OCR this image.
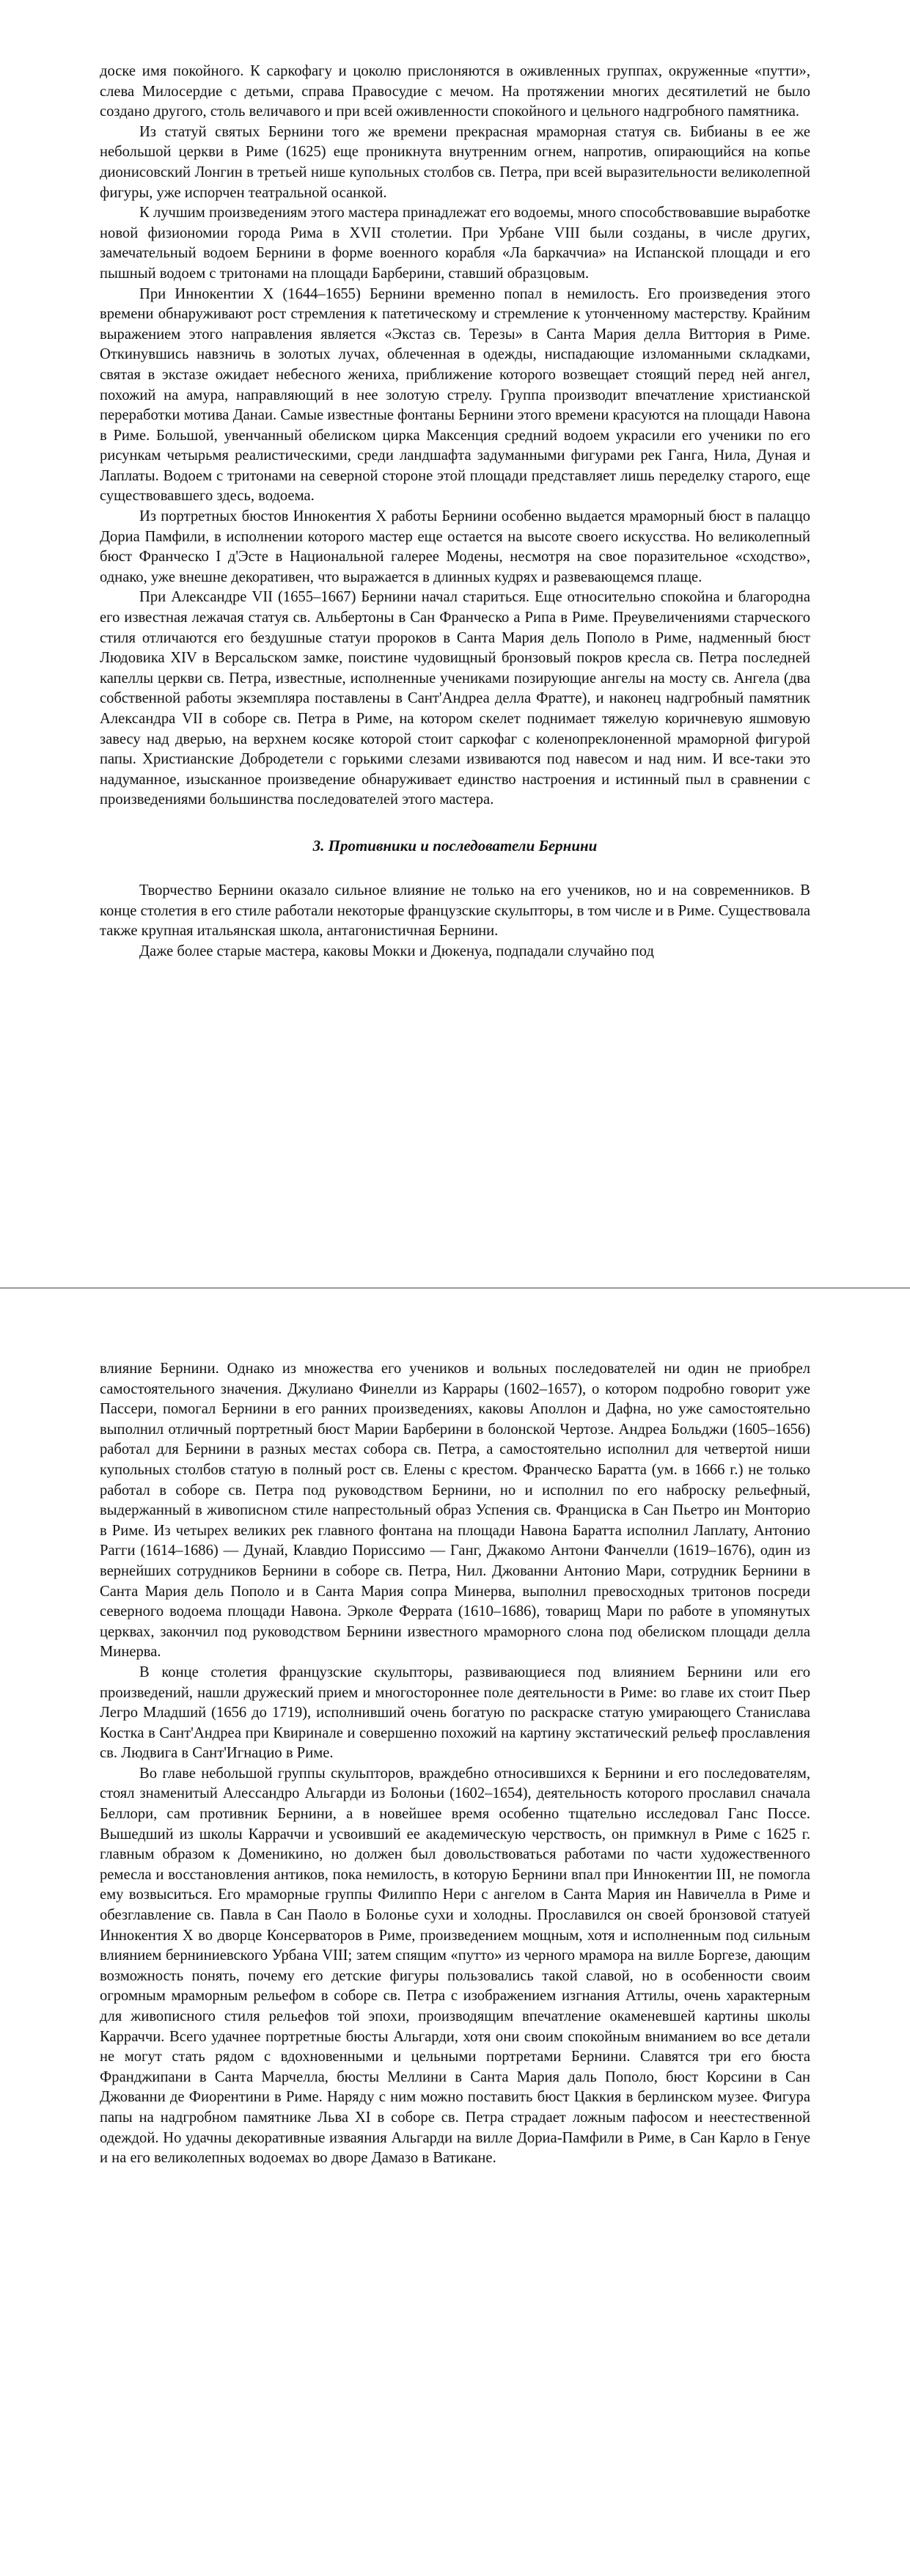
доске имя покойного. К саркофагу и цоколю прислоняются в оживленных группах, окруженные «путти», слева Милосердие с детьми, справа Правосудие с мечом. На протяжении многих десятилетий не было создано другого, столь величавого и при всей оживленности спокойного и цельного надгробного памятника.

Из статуй святых Бернини того же времени прекрасная мраморная статуя св. Бибианы в ее же небольшой церкви в Риме (1625) еще проникнута внутренним огнем, напротив, опирающийся на копье дионисовский Лонгин в третьей нише купольных столбов св. Петра, при всей выразительности великолепной фигуры, уже испорчен театральной осанкой.

К лучшим произведениям этого мастера принадлежат его водоемы, много способствовавшие выработке новой физиономии города Рима в XVII столетии. При Урбане VIII были созданы, в числе других, замечательный водоем Бернини в форме военного корабля «Ла баркаччиа» на Испанской площади и его пышный водоем с тритонами на площади Барберини, ставший образцовым.

При Иннокентии X (1644–1655) Бернини временно попал в немилость. Его произведения этого времени обнаруживают рост стремления к патетическому и стремление к утонченному мастерству. Крайним выражением этого направления является «Экстаз св. Терезы» в Санта Мария делла Виттория в Риме. Откинувшись навзничь в золотых лучах, облеченная в одежды, ниспадающие изломанными складками, святая в экстазе ожидает небесного жениха, приближение которого возвещает стоящий перед ней ангел, похожий на амура, направляющий в нее золотую стрелу. Группа производит впечатление христианской переработки мотива Данаи. Самые известные фонтаны Бернини этого времени красуются на площади Навона в Риме. Большой, увенчанный обелиском цирка Максенция средний водоем украсили его ученики по его рисункам четырьмя реалистическими, среди ландшафта задуманными фигурами рек Ганга, Нила, Дуная и Лаплаты. Водоем с тритонами на северной стороне этой площади представляет лишь переделку старого, еще существовавшего здесь, водоема.

Из портретных бюстов Иннокентия X работы Бернини особенно выдается мраморный бюст в палаццо Дориа Памфили, в исполнении которого мастер еще остается на высоте своего искусства. Но великолепный бюст Франческо I д'Эсте в Национальной галерее Модены, несмотря на свое поразительное «сходство», однако, уже внешне декоративен, что выражается в длинных кудрях и развевающемся плаще.

При Александре VII (1655–1667) Бернини начал стариться. Еще относительно спокойна и благородна его известная лежачая статуя св. Альбертоны в Сан Франческо а Рипа в Риме. Преувеличениями старческого стиля отличаются его бездушные статуи пророков в Санта Мария дель Пополо в Риме, надменный бюст Людовика XIV в Версальском замке, поистине чудовищный бронзовый покров кресла св. Петра последней капеллы церкви св. Петра, известные, исполненные учениками позирующие ангелы на мосту св. Ангела (два собственной работы экземпляра поставлены в Сант'Андреа делла Фратте), и наконец надгробный памятник Александра VII в соборе св. Петра в Риме, на котором скелет поднимает тяжелую коричневую яшмовую завесу над дверью, на верхнем косяке которой стоит саркофаг с коленопреклоненной мраморной фигурой папы. Христианские Добродетели с горькими слезами извиваются под навесом и над ним. И все-таки это надуманное, изысканное произведение обнаруживает единство настроения и истинный пыл в сравнении с произведениями большинства последователей этого мастера.

3. Противники и последователи Бернини

Творчество Бернини оказало сильное влияние не только на его учеников, но и на современников. В конце столетия в его стиле работали некоторые французские скульпторы, в том числе и в Риме. Существовала также крупная итальянская школа, антагонистичная Бернини.

Даже более старые мастера, каковы Мокки и Дюкенуа, подпадали случайно под

влияние Бернини. Однако из множества его учеников и вольных последователей ни один не приобрел самостоятельного значения. Джулиано Финелли из Каррары (1602–1657), о котором подробно говорит уже Пассери, помогал Бернини в его ранних произведениях, каковы Аполлон и Дафна, но уже самостоятельно выполнил отличный портретный бюст Марии Барберини в болонской Чертозе. Андреа Больджи (1605–1656) работал для Бернини в разных местах собора св. Петра, а самостоятельно исполнил для четвертой ниши купольных столбов статую в полный рост св. Елены с крестом. Франческо Баратта (ум. в 1666 г.) не только работал в соборе св. Петра под руководством Бернини, но и исполнил по его наброску рельефный, выдержанный в живописном стиле напрестольный образ Успения св. Франциска в Сан Пьетро ин Монторио в Риме. Из четырех великих рек главного фонтана на площади Навона Баратта исполнил Лаплату, Антонио Рагги (1614–1686) — Дунай, Клавдио Пориссимо — Ганг, Джакомо Антони Фанчелли (1619–1676), один из вернейших сотрудников Бернини в соборе св. Петра, Нил. Джованни Антонио Мари, сотрудник Бернини в Санта Мария дель Пополо и в Санта Мария сопра Минерва, выполнил превосходных тритонов посреди северного водоема площади Навона. Эрколе Феррата (1610–1686), товарищ Мари по работе в упомянутых церквах, закончил под руководством Бернини известного мраморного слона под обелиском площади делла Минерва.

В конце столетия французские скульпторы, развивающиеся под влиянием Бернини или его произведений, нашли дружеский прием и многостороннее поле деятельности в Риме: во главе их стоит Пьер Легро Младший (1656 до 1719), исполнивший очень богатую по раскраске статую умирающего Станислава Костка в Сант'Андреа при Квиринале и совершенно похожий на картину экстатический рельеф прославления св. Людвига в Сант'Игнацио в Риме.

Во главе небольшой группы скульпторов, враждебно относившихся к Бернини и его последователям, стоял знаменитый Алессандро Альгарди из Болоньи (1602–1654), деятельность которого прославил сначала Беллори, сам противник Бернини, а в новейшее время особенно тщательно исследовал Ганс Поссе. Вышедший из школы Карраччи и усвоивший ее академическую черствость, он примкнул в Риме с 1625 г. главным образом к Доменикино, но должен был довольствоваться работами по части художественного ремесла и восстановления антиков, пока немилость, в которую Бернини впал при Иннокентии III, не помогла ему возвыситься. Его мраморные группы Филиппо Нери с ангелом в Санта Мария ин Навичелла в Риме и обезглавление св. Павла в Сан Паоло в Болонье сухи и холодны. Прославился он своей бронзовой статуей Иннокентия X во дворце Консерваторов в Риме, произведением мощным, хотя и исполненным под сильным влиянием берниниевского Урбана VIII; затем спящим «путто» из черного мрамора на вилле Боргезе, дающим возможность понять, почему его детские фигуры пользовались такой славой, но в особенности своим огромным мраморным рельефом в соборе св. Петра с изображением изгнания Аттилы, очень характерным для живописного стиля рельефов той эпохи, производящим впечатление окаменевшей картины школы Карраччи. Всего удачнее портретные бюсты Альгарди, хотя они своим спокойным вниманием во все детали не могут стать рядом с вдохновенными и цельными портретами Бернини. Славятся три его бюста Франджипани в Санта Марчелла, бюсты Меллини в Санта Мария даль Пополо, бюст Корсини в Сан Джованни де Фиорентини в Риме. Наряду с ним можно поставить бюст Цаккия в берлинском музее. Фигура папы на надгробном памятнике Льва XI в соборе св. Петра страдает ложным пафосом и неестественной одеждой. Но удачны декоративные изваяния Альгарди на вилле Дориа-Памфили в Риме, в Сан Карло в Генуе и на его великолепных водоемах во дворе Дамазо в Ватикане.
